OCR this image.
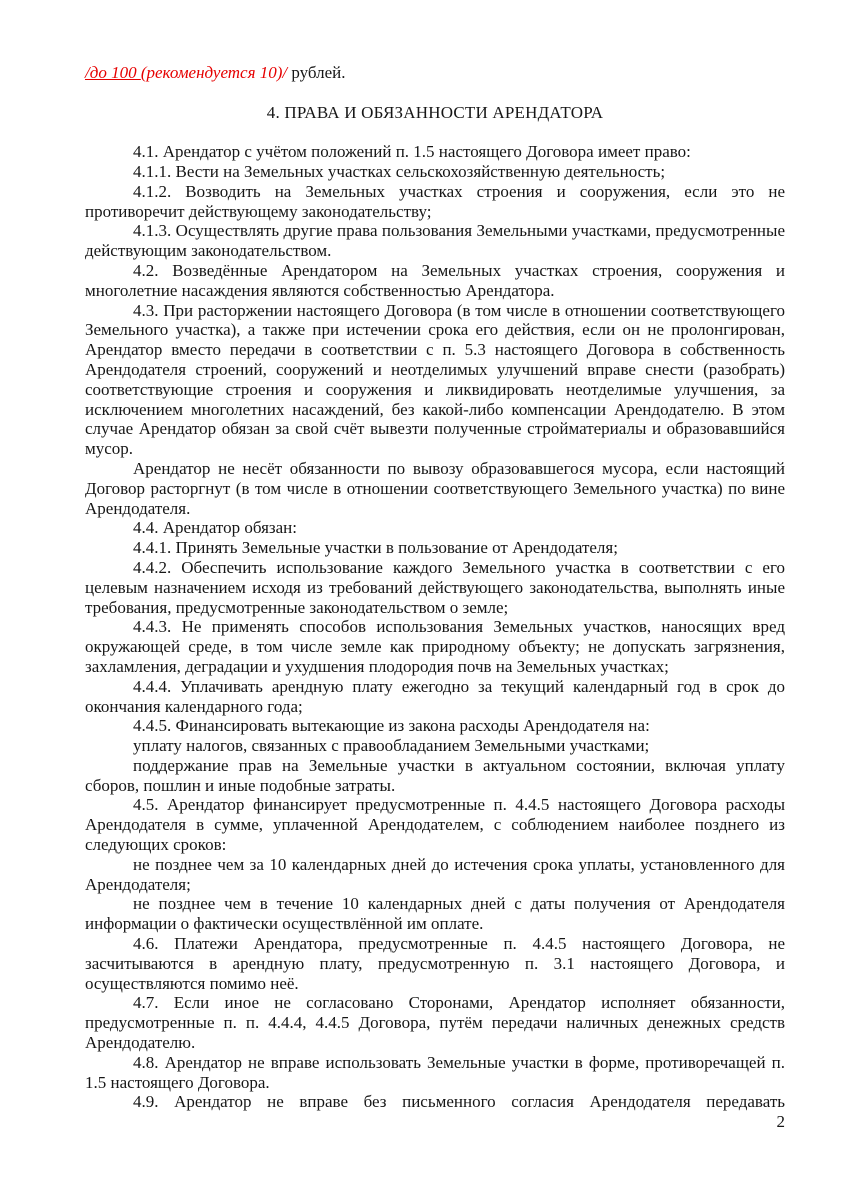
/до 100 (рекомендуется 10)/ рублей.

4. ПРАВА И ОБЯЗАННОСТИ АРЕНДАТОРА

4.1. Арендатор с учётом положений п. 1.5 настоящего Договора имеет право:

4.1.1. Вести на Земельных участках сельскохозяйственную деятельность;

4.1.2. Возводить на Земельных участках строения и сооружения, если это не противоречит действующему законодательству;

4.1.3. Осуществлять другие права пользования Земельными участками, предусмотренные действующим законодательством.

4.2. Возведённые Арендатором на Земельных участках строения, сооружения и многолетние насаждения являются собственностью Арендатора.

4.3. При расторжении настоящего Договора (в том числе в отношении соответствующего Земельного участка), а также при истечении срока его действия, если он не пролонгирован, Арендатор вместо передачи в соответствии с п. 5.3 настоящего Договора в собственность Арендодателя строений, сооружений и неотделимых улучшений вправе снести (разобрать) соответствующие строения и сооружения и ликвидировать неотделимые улучшения, за исключением многолетних насаждений, без какой-либо компенсации Арендодателю. В этом случае Арендатор обязан за свой счёт вывезти полученные стройматериалы и образовавшийся мусор.

Арендатор не несёт обязанности по вывозу образовавшегося мусора, если настоящий Договор расторгнут (в том числе в отношении соответствующего Земельного участка) по вине Арендодателя.

4.4. Арендатор обязан:

4.4.1. Принять Земельные участки в пользование от Арендодателя;

4.4.2. Обеспечить использование каждого Земельного участка в соответствии с его целевым назначением исходя из требований действующего законодательства, выполнять иные требования, предусмотренные законодательством о земле;

4.4.3. Не применять способов использования Земельных участков, наносящих вред окружающей среде, в том числе земле как природному объекту; не допускать загрязнения, захламления, деградации и ухудшения плодородия почв на Земельных участках;

4.4.4. Уплачивать арендную плату ежегодно за текущий календарный год в срок до окончания календарного года;

4.4.5. Финансировать вытекающие из закона расходы Арендодателя на:

уплату налогов, связанных с правообладанием Земельными участками;

поддержание прав на Земельные участки в актуальном состоянии, включая уплату сборов, пошлин и иные подобные затраты.

4.5. Арендатор финансирует предусмотренные п. 4.4.5 настоящего Договора расходы Арендодателя в сумме, уплаченной Арендодателем, с соблюдением наиболее позднего из следующих сроков:

не позднее чем за 10 календарных дней до истечения срока уплаты, установленного для Арендодателя;

не позднее чем в течение 10 календарных дней с даты получения от Арендодателя информации о фактически осуществлённой им оплате.

4.6. Платежи Арендатора, предусмотренные п. 4.4.5 настоящего Договора, не засчитываются в арендную плату, предусмотренную п. 3.1 настоящего Договора, и осуществляются помимо неё.

4.7. Если иное не согласовано Сторонами, Арендатор исполняет обязанности, предусмотренные п. п. 4.4.4, 4.4.5 Договора, путём передачи наличных денежных средств Арендодателю.

4.8. Арендатор не вправе использовать Земельные участки в форме, противоречащей п. 1.5 настоящего Договора.

4.9. Арендатор не вправе без письменного согласия Арендодателя передавать

2
